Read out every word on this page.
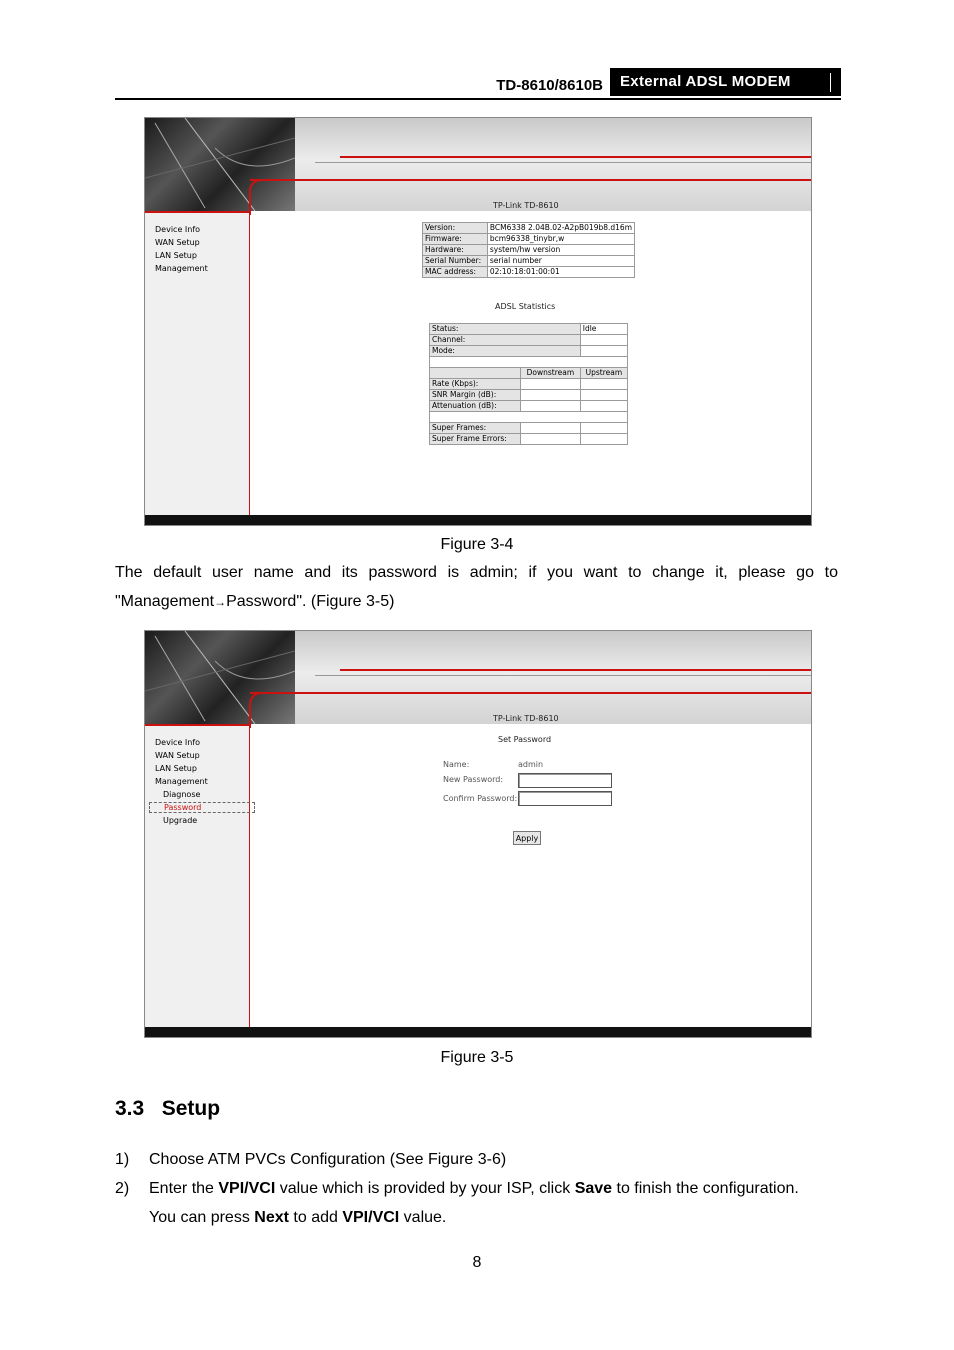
TD-8610/8610B External ADSL MODEM
Device Info
WAN Setup
LAN Setup
Management
TP-Link TD-8610
Version:	BCM6338 2.04B.02-A2pB019b8.d16m
Firmware:	bcm96338_tinybr,w
Hardware:	system/hw version
Serial Number:	serial number
MAC address:	02:10:18:01:00:01
ADSL Statistics
Status:		Idle
Channel:		
Mode:		

	Downstream	Upstream
Rate (Kbps):		
SNR Margin (dB):		
Attenuation (dB):		

Super Frames:		
Super Frame Errors:		
Figure 3-4
The default user name and its password is admin; if you want to change it, please go to
"Management→Password". (Figure 3-5)
Device Info
WAN Setup
LAN Setup
Management
Diagnose
Password
Upgrade
TP-Link TD-8610
Set Password
Name:	admin
New Password:
Confirm Password:
Apply
Figure 3-5
3.3 Setup
1) Choose ATM PVCs Configuration (See Figure 3-6)
2) Enter the VPI/VCI value which is provided by your ISP, click Save to finish the configuration.
You can press Next to add VPI/VCI value.
8
